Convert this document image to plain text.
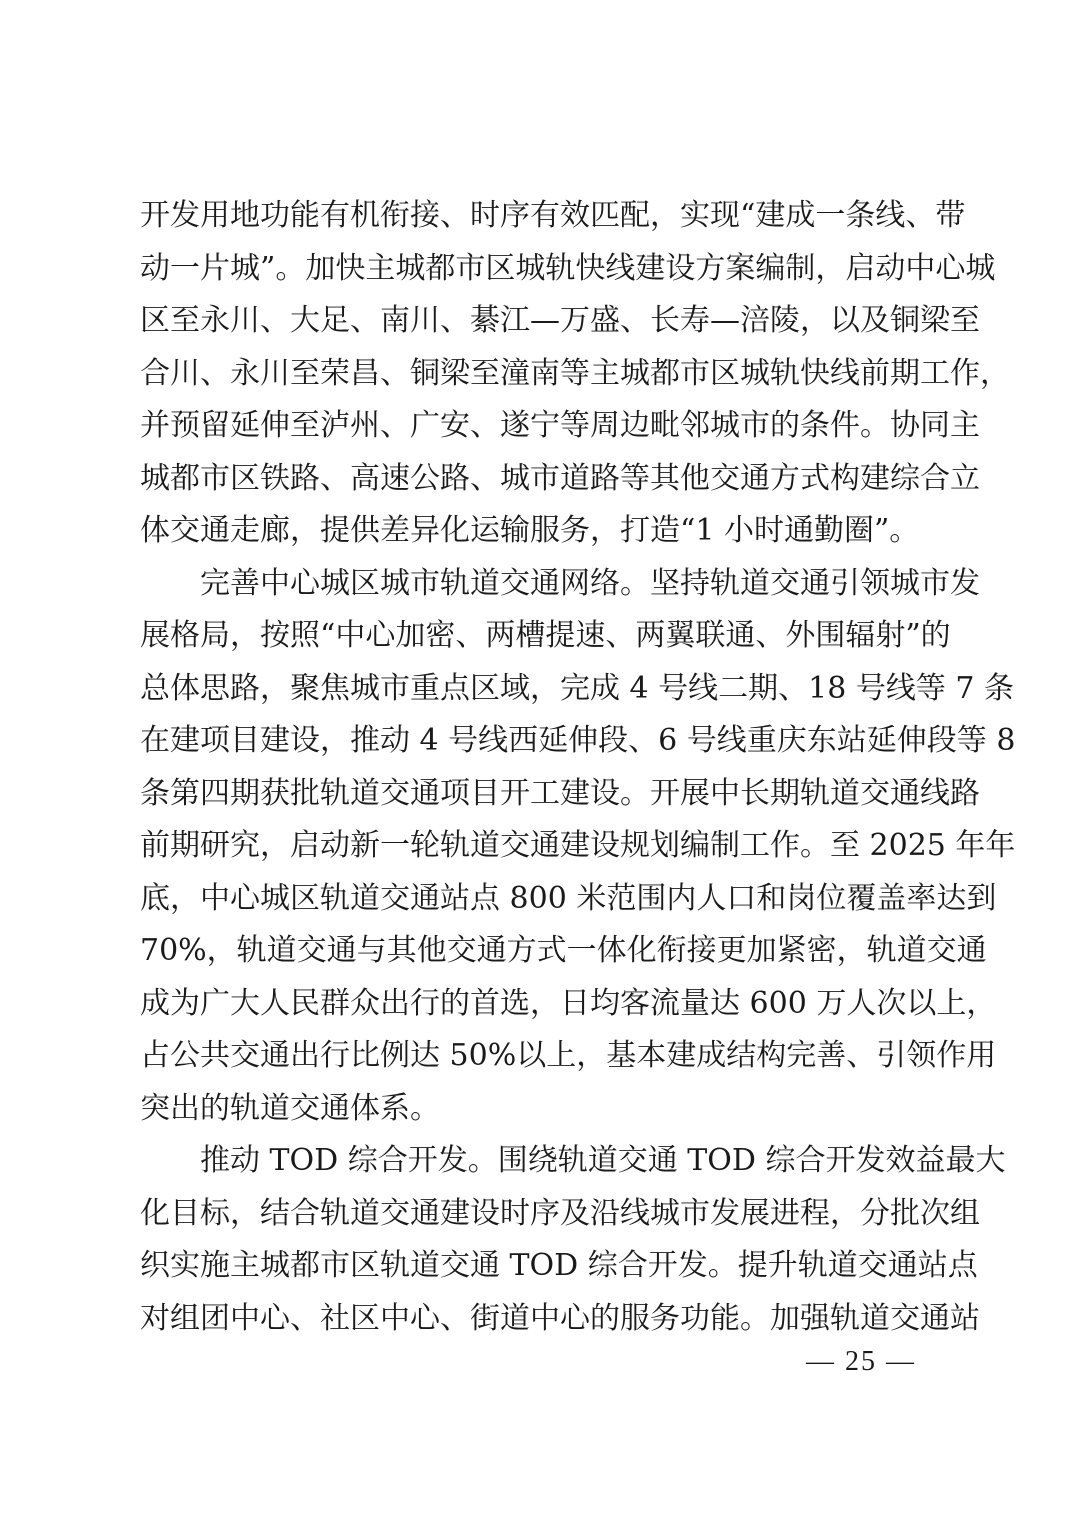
开发用地功能有机衔接、时序有效匹配，实现“建成一条线、带
动一片城”。加快主城都市区城轨快线建设方案编制，启动中心城
区至永川、大足、南川、綦江—万盛、长寿—涪陵，以及铜梁至
合川、永川至荣昌、铜梁至潼南等主城都市区城轨快线前期工作，
并预留延伸至泸州、广安、遂宁等周边毗邻城市的条件。协同主
城都市区铁路、高速公路、城市道路等其他交通方式构建综合立
体交通走廊，提供差异化运输服务，打造“1 小时通勤圈”。
完善中心城区城市轨道交通网络。坚持轨道交通引领城市发
展格局，按照“中心加密、两槽提速、两翼联通、外围辐射”的
总体思路，聚焦城市重点区域，完成 4 号线二期、18 号线等 7 条
在建项目建设，推动 4 号线西延伸段、6 号线重庆东站延伸段等 8
条第四期获批轨道交通项目开工建设。开展中长期轨道交通线路
前期研究，启动新一轮轨道交通建设规划编制工作。至 2025 年年
底，中心城区轨道交通站点 800 米范围内人口和岗位覆盖率达到
70%，轨道交通与其他交通方式一体化衔接更加紧密，轨道交通
成为广大人民群众出行的首选，日均客流量达 600 万人次以上，
占公共交通出行比例达 50%以上，基本建成结构完善、引领作用
突出的轨道交通体系。
推动 TOD 综合开发。围绕轨道交通 TOD 综合开发效益最大
化目标，结合轨道交通建设时序及沿线城市发展进程，分批次组
织实施主城都市区轨道交通 TOD 综合开发。提升轨道交通站点
对组团中心、社区中心、街道中心的服务功能。加强轨道交通站
— 25 —
